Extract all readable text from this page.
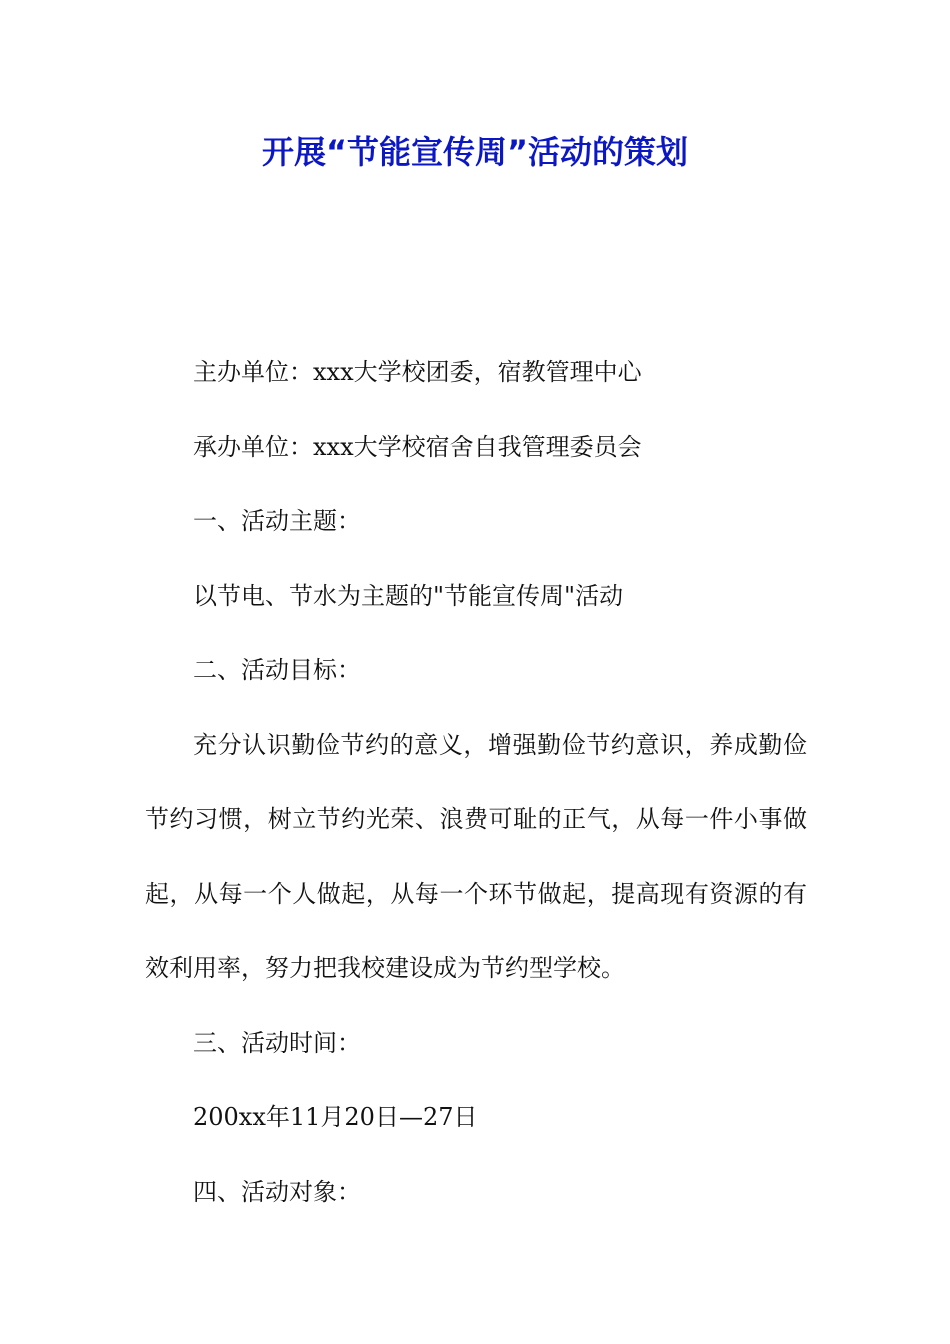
开展“节能宣传周”活动的策划

主办单位：xxx大学校团委，宿教管理中心

承办单位：xxx大学校宿舍自我管理委员会

一、活动主题：

以节电、节水为主题的"节能宣传周"活动

二、活动目标：

充分认识勤俭节约的意义，增强勤俭节约意识，养成勤俭节约习惯，树立节约光荣、浪费可耻的正气，从每一件小事做起，从每一个人做起，从每一个环节做起，提高现有资源的有效利用率，努力把我校建设成为节约型学校。

三、活动时间：

200xx年11月20日—27日

四、活动对象：
